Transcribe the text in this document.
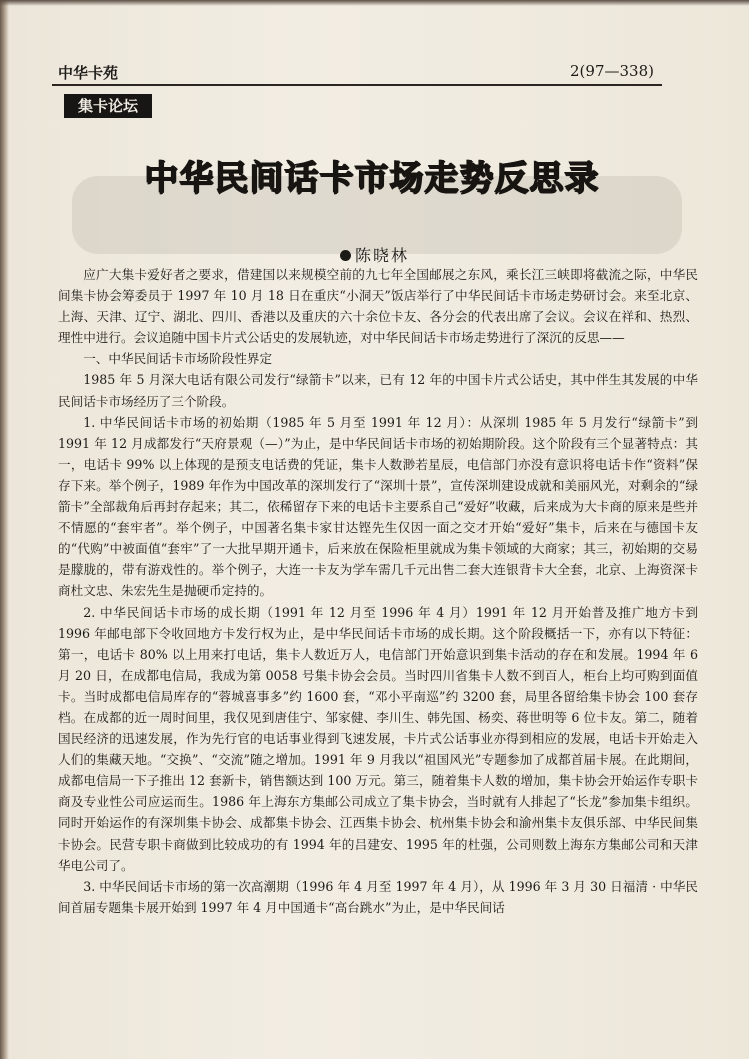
中华卡苑	2(97—338)
集卡论坛
中华民间话卡市场走势反思录
陈晓林

应广大集卡爱好者之要求，借建国以来规模空前的九七年全国邮展之东风，乘长江三峡即将截流之际，中华民间集卡协会筹委员于 1997 年 10 月 18 日在重庆“小洞天”饭店举行了中华民间话卡市场走势研讨会。来至北京、上海、天津、辽宁、湖北、四川、香港以及重庆的六十余位卡友、各分会的代表出席了会议。会议在祥和、热烈、理性中进行。会议追随中国卡片式公话史的发展轨迹，对中华民间话卡市场走势进行了深沉的反思——

一、中华民间话卡市场阶段性界定

1985 年 5 月深大电话有限公司发行“绿箭卡”以来，已有 12 年的中国卡片式公话史，其中伴生其发展的中华民间话卡市场经历了三个阶段。

1. 中华民间话卡市场的初始期（1985 年 5 月至 1991 年 12 月）：从深圳 1985 年 5 月发行“绿箭卡”到 1991 年 12 月成都发行“天府景观（—）”为止，是中华民间话卡市场的初始期阶段。这个阶段有三个显著特点：其一，电话卡 99% 以上体现的是预支电话费的凭证，集卡人数渺若星辰，电信部门亦没有意识将电话卡作“资料”保存下来。举个例子，1989 年作为中国改革的深圳发行了“深圳十景”，宣传深圳建设成就和美丽风光，对剩余的“绿箭卡”全部裁角后再封存起来；其二，依稀留存下来的电话卡主要系自己“爱好”收藏，后来成为大卡商的原来是些并不情愿的“套牢者”。举个例子，中国著名集卡家甘达铿先生仅因一面之交才开始“爱好”集卡，后来在与德国卡友的“代购”中被面值“套牢”了一大批早期开通卡，后来放在保险柜里就成为集卡领域的大商家；其三，初始期的交易是朦胧的，带有游戏性的。举个例子，大连一卡友为学车需几千元出售二套大连银背卡大全套，北京、上海资深卡商杜文忠、朱宏先生是抛硬币定持的。

2. 中华民间话卡市场的成长期（1991 年 12 月至 1996 年 4 月）1991 年 12 月开始普及推广地方卡到 1996 年邮电部下令收回地方卡发行权为止，是中华民间话卡市场的成长期。这个阶段概括一下，亦有以下特征：第一，电话卡 80% 以上用来打电话，集卡人数近万人，电信部门开始意识到集卡活动的存在和发展。1994 年 6 月 20 日，在成都电信局，我成为第 0058 号集卡协会会员。当时四川省集卡人数不到百人，柜台上均可购到面值卡。当时成都电信局库存的“蓉城喜事多”约 1600 套，“邓小平南巡”约 3200 套，局里各留给集卡协会 100 套存档。在成都的近一周时间里，我仅见到唐佳宁、邹家健、李川生、韩先国、杨奕、蒋世明等 6 位卡友。第二，随着国民经济的迅速发展，作为先行官的电话事业得到飞速发展，卡片式公话事业亦得到相应的发展，电话卡开始走入人们的集藏天地。“交换”、“交流”随之增加。1991 年 9 月我以“祖国风光”专题参加了成都首届卡展。在此期间，成都电信局一下子推出 12 套新卡，销售额达到 100 万元。第三，随着集卡人数的增加，集卡协会开始运作专职卡商及专业性公司应运而生。1986 年上海东方集邮公司成立了集卡协会，当时就有人排起了“长龙”参加集卡组织。同时开始运作的有深圳集卡协会、成都集卡协会、江西集卡协会、杭州集卡协会和渝州集卡友俱乐部、中华民间集卡协会。民营专职卡商做到比较成功的有 1994 年的吕建安、1995 年的杜强，公司则数上海东方集邮公司和天津华电公司了。

3. 中华民间话卡市场的第一次高潮期（1996 年 4 月至 1997 年 4 月），从 1996 年 3 月 30 日福清 · 中华民间首届专题集卡展开始到 1997 年 4 月中国通卡“高台跳水”为止，是中华民间话
